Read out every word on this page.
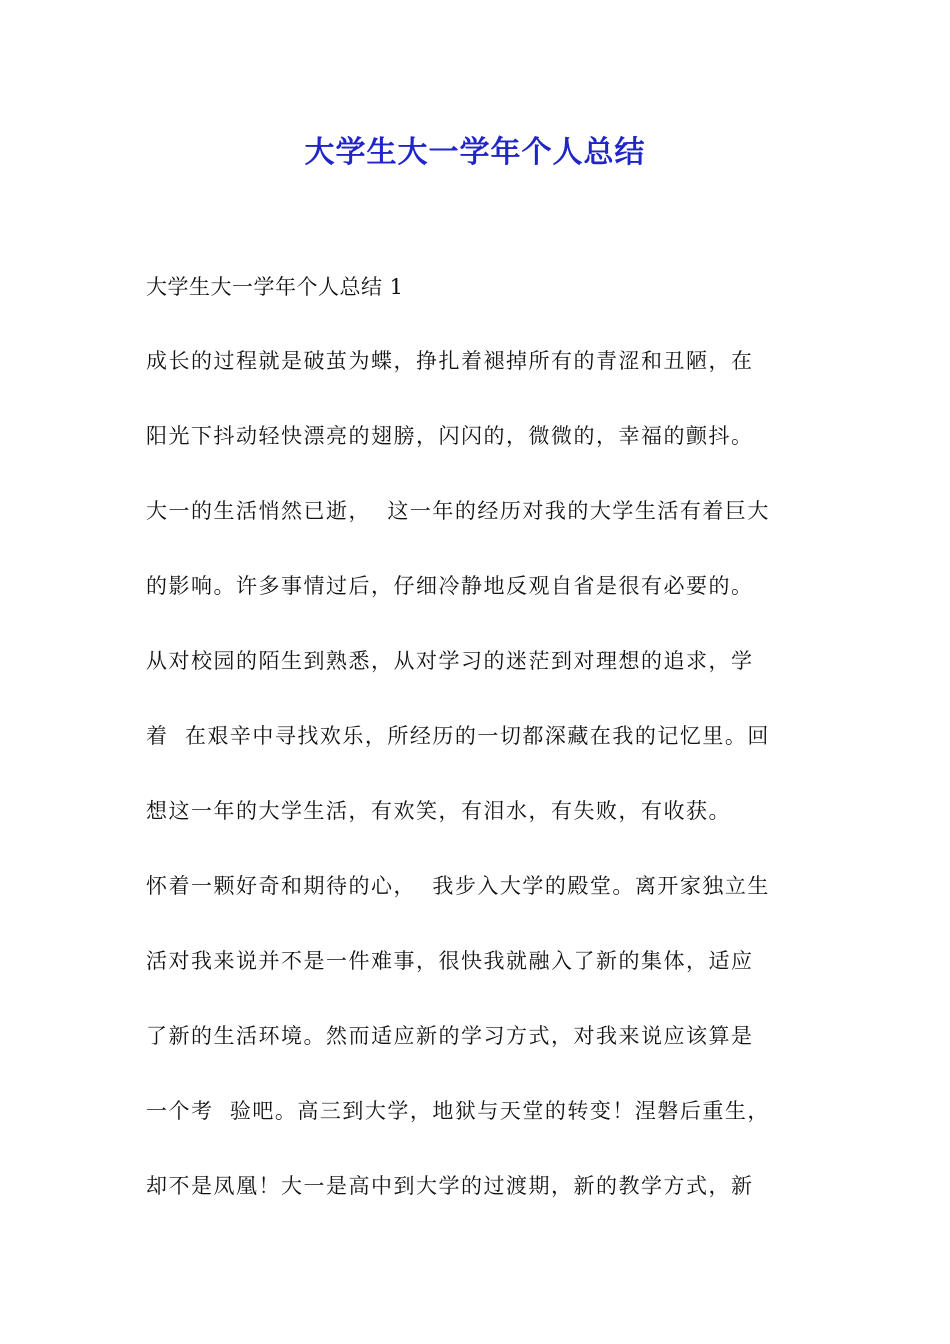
大学生大一学年个人总结
大学生大一学年个人总结 1
成长的过程就是破茧为蝶，挣扎着褪掉所有的青涩和丑陋，在
阳光下抖动轻快漂亮的翅膀，闪闪的，微微的，幸福的颤抖。
大一的生活悄然已逝，  这一年的经历对我的大学生活有着巨大
的影响。许多事情过后，仔细冷静地反观自省是很有必要的。
从对校园的陌生到熟悉，从对学习的迷茫到对理想的追求，学
着  在艰辛中寻找欢乐，所经历的一切都深藏在我的记忆里。回
想这一年的大学生活，有欢笑，有泪水，有失败，有收获。
怀着一颗好奇和期待的心，  我步入大学的殿堂。离开家独立生
活对我来说并不是一件难事，很快我就融入了新的集体，适应
了新的生活环境。然而适应新的学习方式，对我来说应该算是
一个考  验吧。高三到大学，地狱与天堂的转变！涅磐后重生，
却不是凤凰！大一是高中到大学的过渡期，新的教学方式，新
